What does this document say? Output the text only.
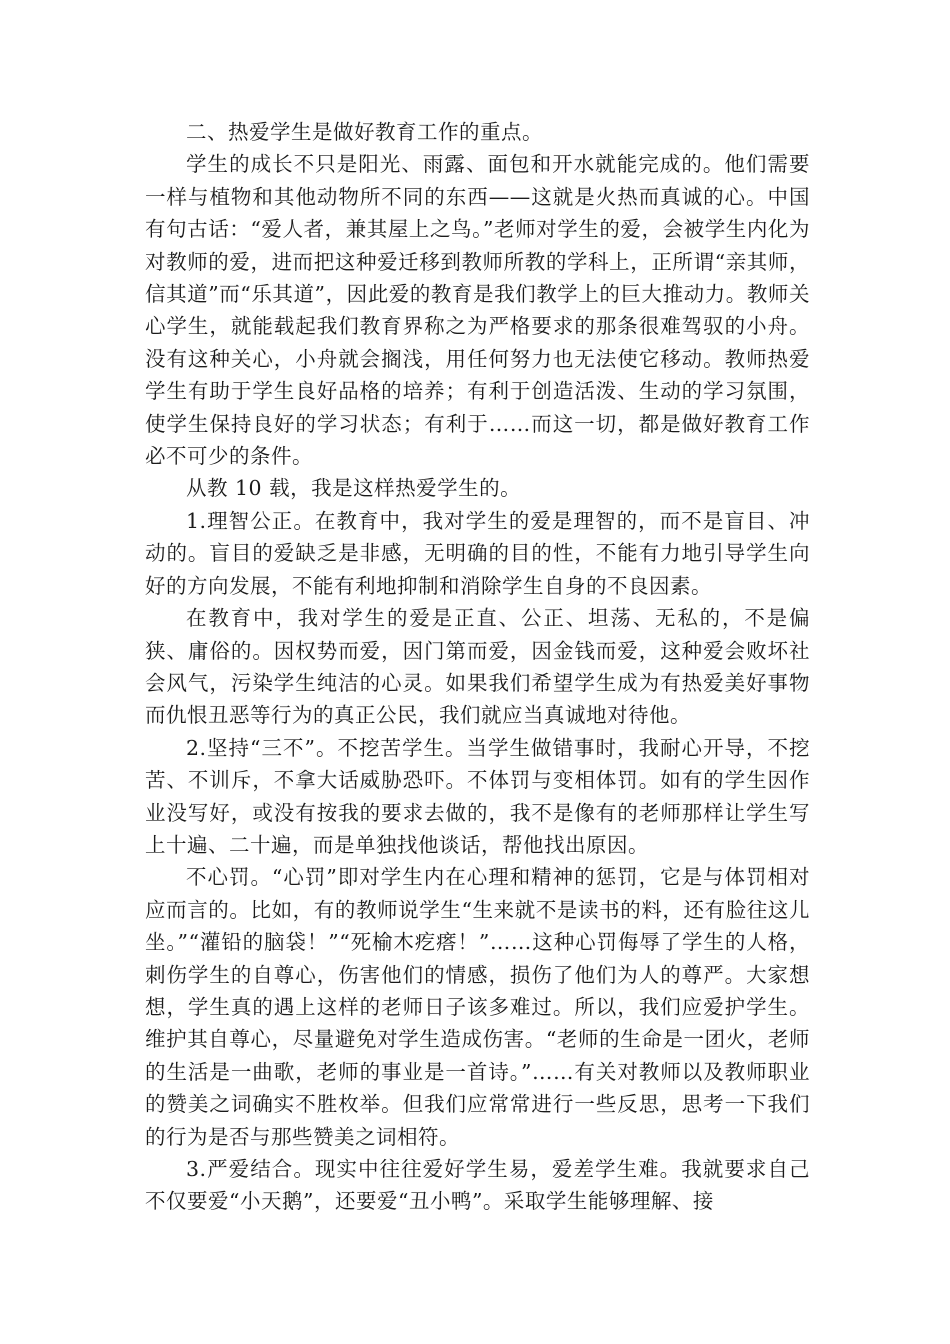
二、热爱学生是做好教育工作的重点。

学生的成长不只是阳光、雨露、面包和开水就能完成的。他们需要一样与植物和其他动物所不同的东西——这就是火热而真诚的心。中国有句古话：“爱人者，兼其屋上之鸟。”老师对学生的爱，会被学生内化为对教师的爱，进而把这种爱迁移到教师所教的学科上，正所谓“亲其师，信其道”而“乐其道”，因此爱的教育是我们教学上的巨大推动力。教师关心学生，就能载起我们教育界称之为严格要求的那条很难驾驭的小舟。没有这种关心，小舟就会搁浅，用任何努力也无法使它移动。教师热爱学生有助于学生良好品格的培养；有利于创造活泼、生动的学习氛围，使学生保持良好的学习状态；有利于……而这一切，都是做好教育工作必不可少的条件。

从教 10 载，我是这样热爱学生的。

1.理智公正。在教育中，我对学生的爱是理智的，而不是盲目、冲动的。盲目的爱缺乏是非感，无明确的目的性，不能有力地引导学生向好的方向发展，不能有利地抑制和消除学生自身的不良因素。

在教育中，我对学生的爱是正直、公正、坦荡、无私的，不是偏狭、庸俗的。因权势而爱，因门第而爱，因金钱而爱，这种爱会败坏社会风气，污染学生纯洁的心灵。如果我们希望学生成为有热爱美好事物而仇恨丑恶等行为的真正公民，我们就应当真诚地对待他。

2.坚持“三不”。不挖苦学生。当学生做错事时，我耐心开导，不挖苦、不训斥，不拿大话威胁恐吓。不体罚与变相体罚。如有的学生因作业没写好，或没有按我的要求去做的，我不是像有的老师那样让学生写上十遍、二十遍，而是单独找他谈话，帮他找出原因。

不心罚。“心罚”即对学生内在心理和精神的惩罚，它是与体罚相对应而言的。比如，有的教师说学生“生来就不是读书的料，还有脸往这儿坐。”“灌铅的脑袋！”“死榆木疙瘩！”……这种心罚侮辱了学生的人格，刺伤学生的自尊心，伤害他们的情感，损伤了他们为人的尊严。大家想想，学生真的遇上这样的老师日子该多难过。所以，我们应爱护学生。维护其自尊心，尽量避免对学生造成伤害。“老师的生命是一团火，老师的生活是一曲歌，老师的事业是一首诗。”……有关对教师以及教师职业的赞美之词确实不胜枚举。但我们应常常进行一些反思，思考一下我们的行为是否与那些赞美之词相符。

3.严爱结合。现实中往往爱好学生易，爱差学生难。我就要求自己不仅要爱“小天鹅”，还要爱“丑小鸭”。采取学生能够理解、接
